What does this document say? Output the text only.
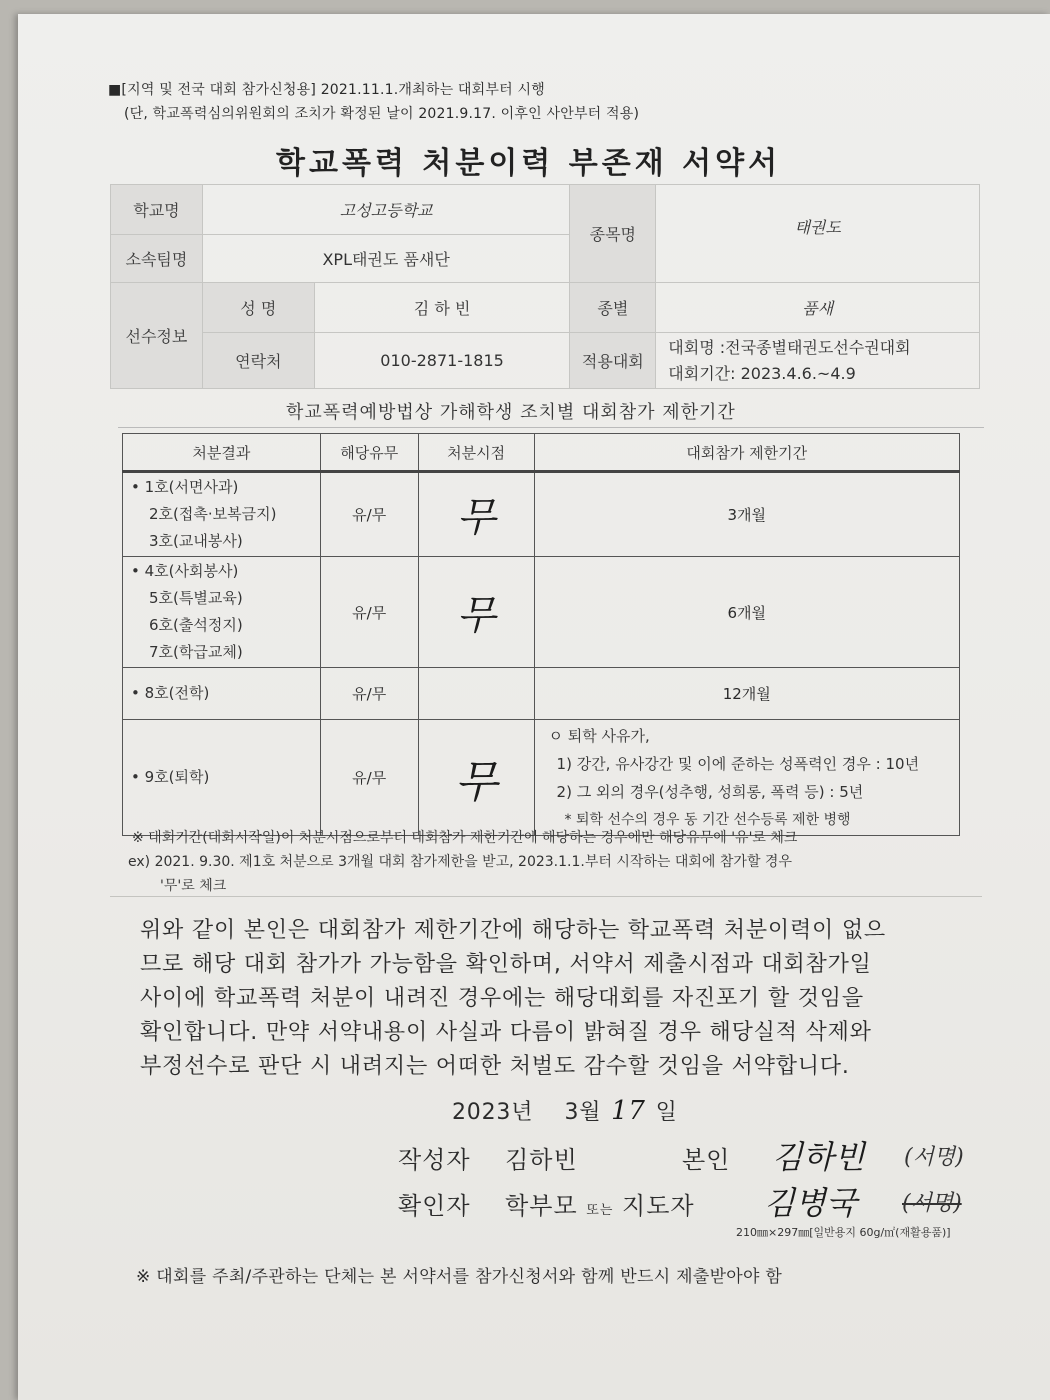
■[지역 및 전국 대회 참가신청용] 2021.11.1.개최하는 대회부터 시행
(단, 학교폭력심의위원회의 조치가 확정된 날이 2021.9.17. 이후인 사안부터 적용)
학교폭력 처분이력 부존재 서약서
학교명	고성고등학교		종목명	태권도
소속팀명	XPL태권도 품새단			
선수정보	성 명	김 하 빈	종별	품새
	연락처	010-2871-1815	적용대회	대회명 :전국종별태권도선수권대회
대회기간: 2023.4.6.~4.9
학교폭력예방법상 가해학생 조치별 대회참가 제한기간
처분결과	해당유무	처분시점	대회참가 제한기간

• 1호(서면사과)
2호(접촉·보복금지)
3호(교내봉사)	유/무	무	3개월

• 4호(사회봉사)
5호(특별교육)
6호(출석정지)
7호(학급교체)	유/무	무	6개월

• 8호(전학)	유/무		12개월

• 9호(퇴학)	유/무	무	ㅇ 퇴학 사유가,
1) 강간, 유사강간 및 이에 준하는 성폭력인 경우 : 10년
2) 그 외의 경우(성추행, 성희롱, 폭력 등) : 5년
* 퇴학 선수의 경우 동 기간 선수등록 제한 병행
※ 대회기간(대회시작일)이 처분시점으로부터 대회참가 제한기간에 해당하는 경우에만 해당유무에 '유'로 체크
ex) 2021. 9.30. 제1호 처분으로 3개월 대회 참가제한을 받고, 2023.1.1.부터 시작하는 대회에 참가할 경우
'무'로 체크
위와 같이 본인은 대회참가 제한기간에 해당하는 학교폭력 처분이력이 없으
므로 해당 대회 참가가 가능함을 확인하며, 서약서 제출시점과 대회참가일
사이에 학교폭력 처분이 내려진 경우에는 해당대회를 자진포기 할 것임을
확인합니다. 만약 서약내용이 사실과 다름이 밝혀질 경우 해당실적 삭제와
부정선수로 판단 시 내려지는 어떠한 처벌도 감수할 것임을 서약합니다.
2023년 3월 17 일
작성자 김하빈	본인 김하빈 (서명)
확인자 학부모 또는 지도자 김병국 (서명)
210㎜×297㎜[일반용지 60g/㎡(재활용품)]
※ 대회를 주최/주관하는 단체는 본 서약서를 참가신청서와 함께 반드시 제출받아야 함
